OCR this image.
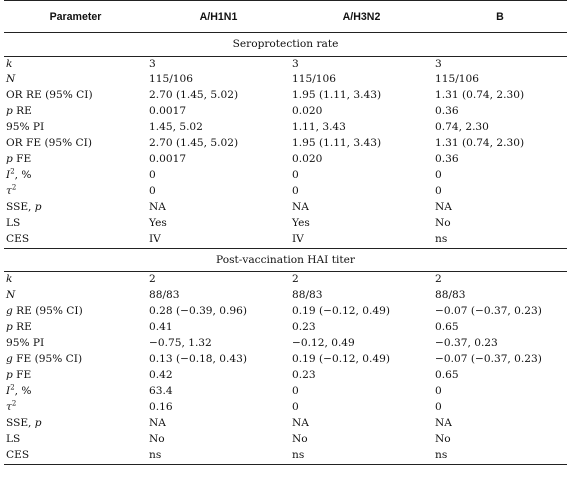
Parameter	A/H1N1	A/H3N2	B
Seroprotection rate			
k	3	3	3
N	115/106	115/106	115/106
OR RE (95% CI)	2.70 (1.45, 5.02)	1.95 (1.11, 3.43)	1.31 (0.74, 2.30)
p RE	0.0017	0.020	0.36
95% PI	1.45, 5.02	1.11, 3.43	0.74, 2.30
OR FE (95% CI)	2.70 (1.45, 5.02)	1.95 (1.11, 3.43)	1.31 (0.74, 2.30)
p FE	0.0017	0.020	0.36
$I^2$, %	0	0	0
$\tau^2$	0	0	0
SSE, p	NA	NA	NA
LS	Yes	Yes	No
CES	IV	IV	ns
Post-vaccination HAI titer			
k	2	2	2
N	88/83	88/83	88/83
g RE (95% CI)	0.28 (−0.39, 0.96)	0.19 (−0.12, 0.49)	−0.07 (−0.37, 0.23)
p RE	0.41	0.23	0.65
95% PI	−0.75, 1.32	−0.12, 0.49	−0.37, 0.23
g FE (95% CI)	0.13 (−0.18, 0.43)	0.19 (−0.12, 0.49)	−0.07 (−0.37, 0.23)
p FE	0.42	0.23	0.65
$I^2$, %	63.4	0	0
$\tau^2$	0.16	0	0
SSE, p	NA	NA	NA
LS	No	No	No
CES	ns	ns	ns
